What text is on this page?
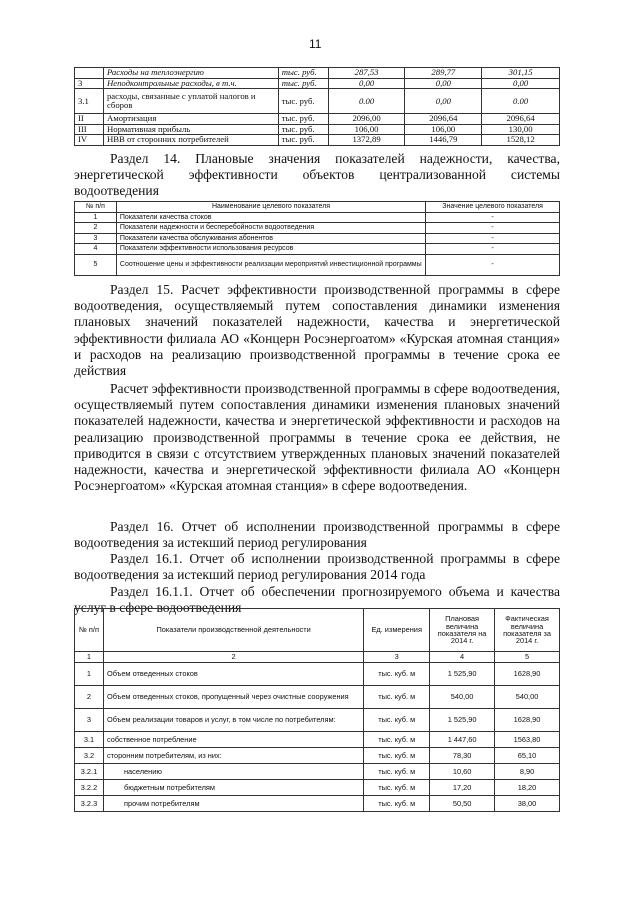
11
	Расходы на теплоэнергию	тыс. руб.	287,53	289,77	301,15
3	Неподконтрольные расходы, в т.ч.	тыс. руб.	0,00	0,00	0,00
3.1	расходы, связанные с уплатой налогов и сборов	тыс. руб.	0.00	0,00	0.00
II	Амортизация	тыс. руб.	2096,00	2096,64	2096,64
III	Нормативная прибыль	тыс. руб.	106,00	106,00	130,00
IV	НВВ от сторонних потребителей	тыс. руб.	1372,89	1446,79	1528,12

Раздел 14. Плановые значения показателей надежности, качества, энергетической эффективности объектов централизованной системы водоотведения

№ п/п	Наименование целевого показателя	Значение целевого показателя
1	Показатели качества стоков	-
2	Показатели надежности и бесперебойности водоотведения	-
3	Показатели качества обслуживания абонентов	-
4	Показатели эффективности использования ресурсов	-
5	Соотношение цены и эффективности реализации мероприятий инвестиционной программы	-

Раздел 15. Расчет эффективности производственной программы в сфере водоотведения, осуществляемый путем сопоставления динамики изменения плановых значений показателей надежности, качества и энергетической эффективности филиала АО «Концерн Росэнергоатом» «Курская атомная станция» и расходов на реализацию производственной программы в течение срока ее действия

Расчет эффективности производственной программы в сфере водоотведения, осуществляемый путем сопоставления динамики изменения плановых значений показателей надежности, качества и энергетической эффективности и расходов на реализацию производственной программы в течение срока ее действия, не приводится в связи с отсутствием утвержденных плановых значений показателей надежности, качества и энергетической эффективности филиала АО «Концерн Росэнергоатом» «Курская атомная станция» в сфере водоотведения.

Раздел 16. Отчет об исполнении производственной программы в сфере водоотведения за истекший период регулирования

Раздел 16.1. Отчет об исполнении производственной программы в сфере водоотведения за истекший период регулирования 2014 года

Раздел 16.1.1. Отчет об обеспечении прогнозируемого объема и качества услуг в сфере водоотведения

№ п/п	Показатели производственной деятельности	Ед. измерения	Плановая величина показателя на 2014 г.	Фактическая величина показателя за 2014 г.
1	2	3	4	5
1	Объем отведенных стоков	тыс. куб. м	1 525,90	1628,90
2	Объем отведенных стоков, пропущенный через очистные сооружения	тыс. куб. м	540,00	540,00
3	Объем реализации товаров и услуг, в том числе по потребителям:	тыс. куб. м	1 525,90	1628,90
3.1	собственное потребление	тыс. куб. м	1 447,60	1563,80
3.2	сторонним потребителям, из них:	тыс. куб. м	78,30	65,10
3.2.1	населению	тыс. куб. м	10,60	8,90
3.2.2	бюджетным потребителям	тыс. куб. м	17,20	18,20
3.2.3	прочим потребителям	тыс. куб. м	50,50	38,00
